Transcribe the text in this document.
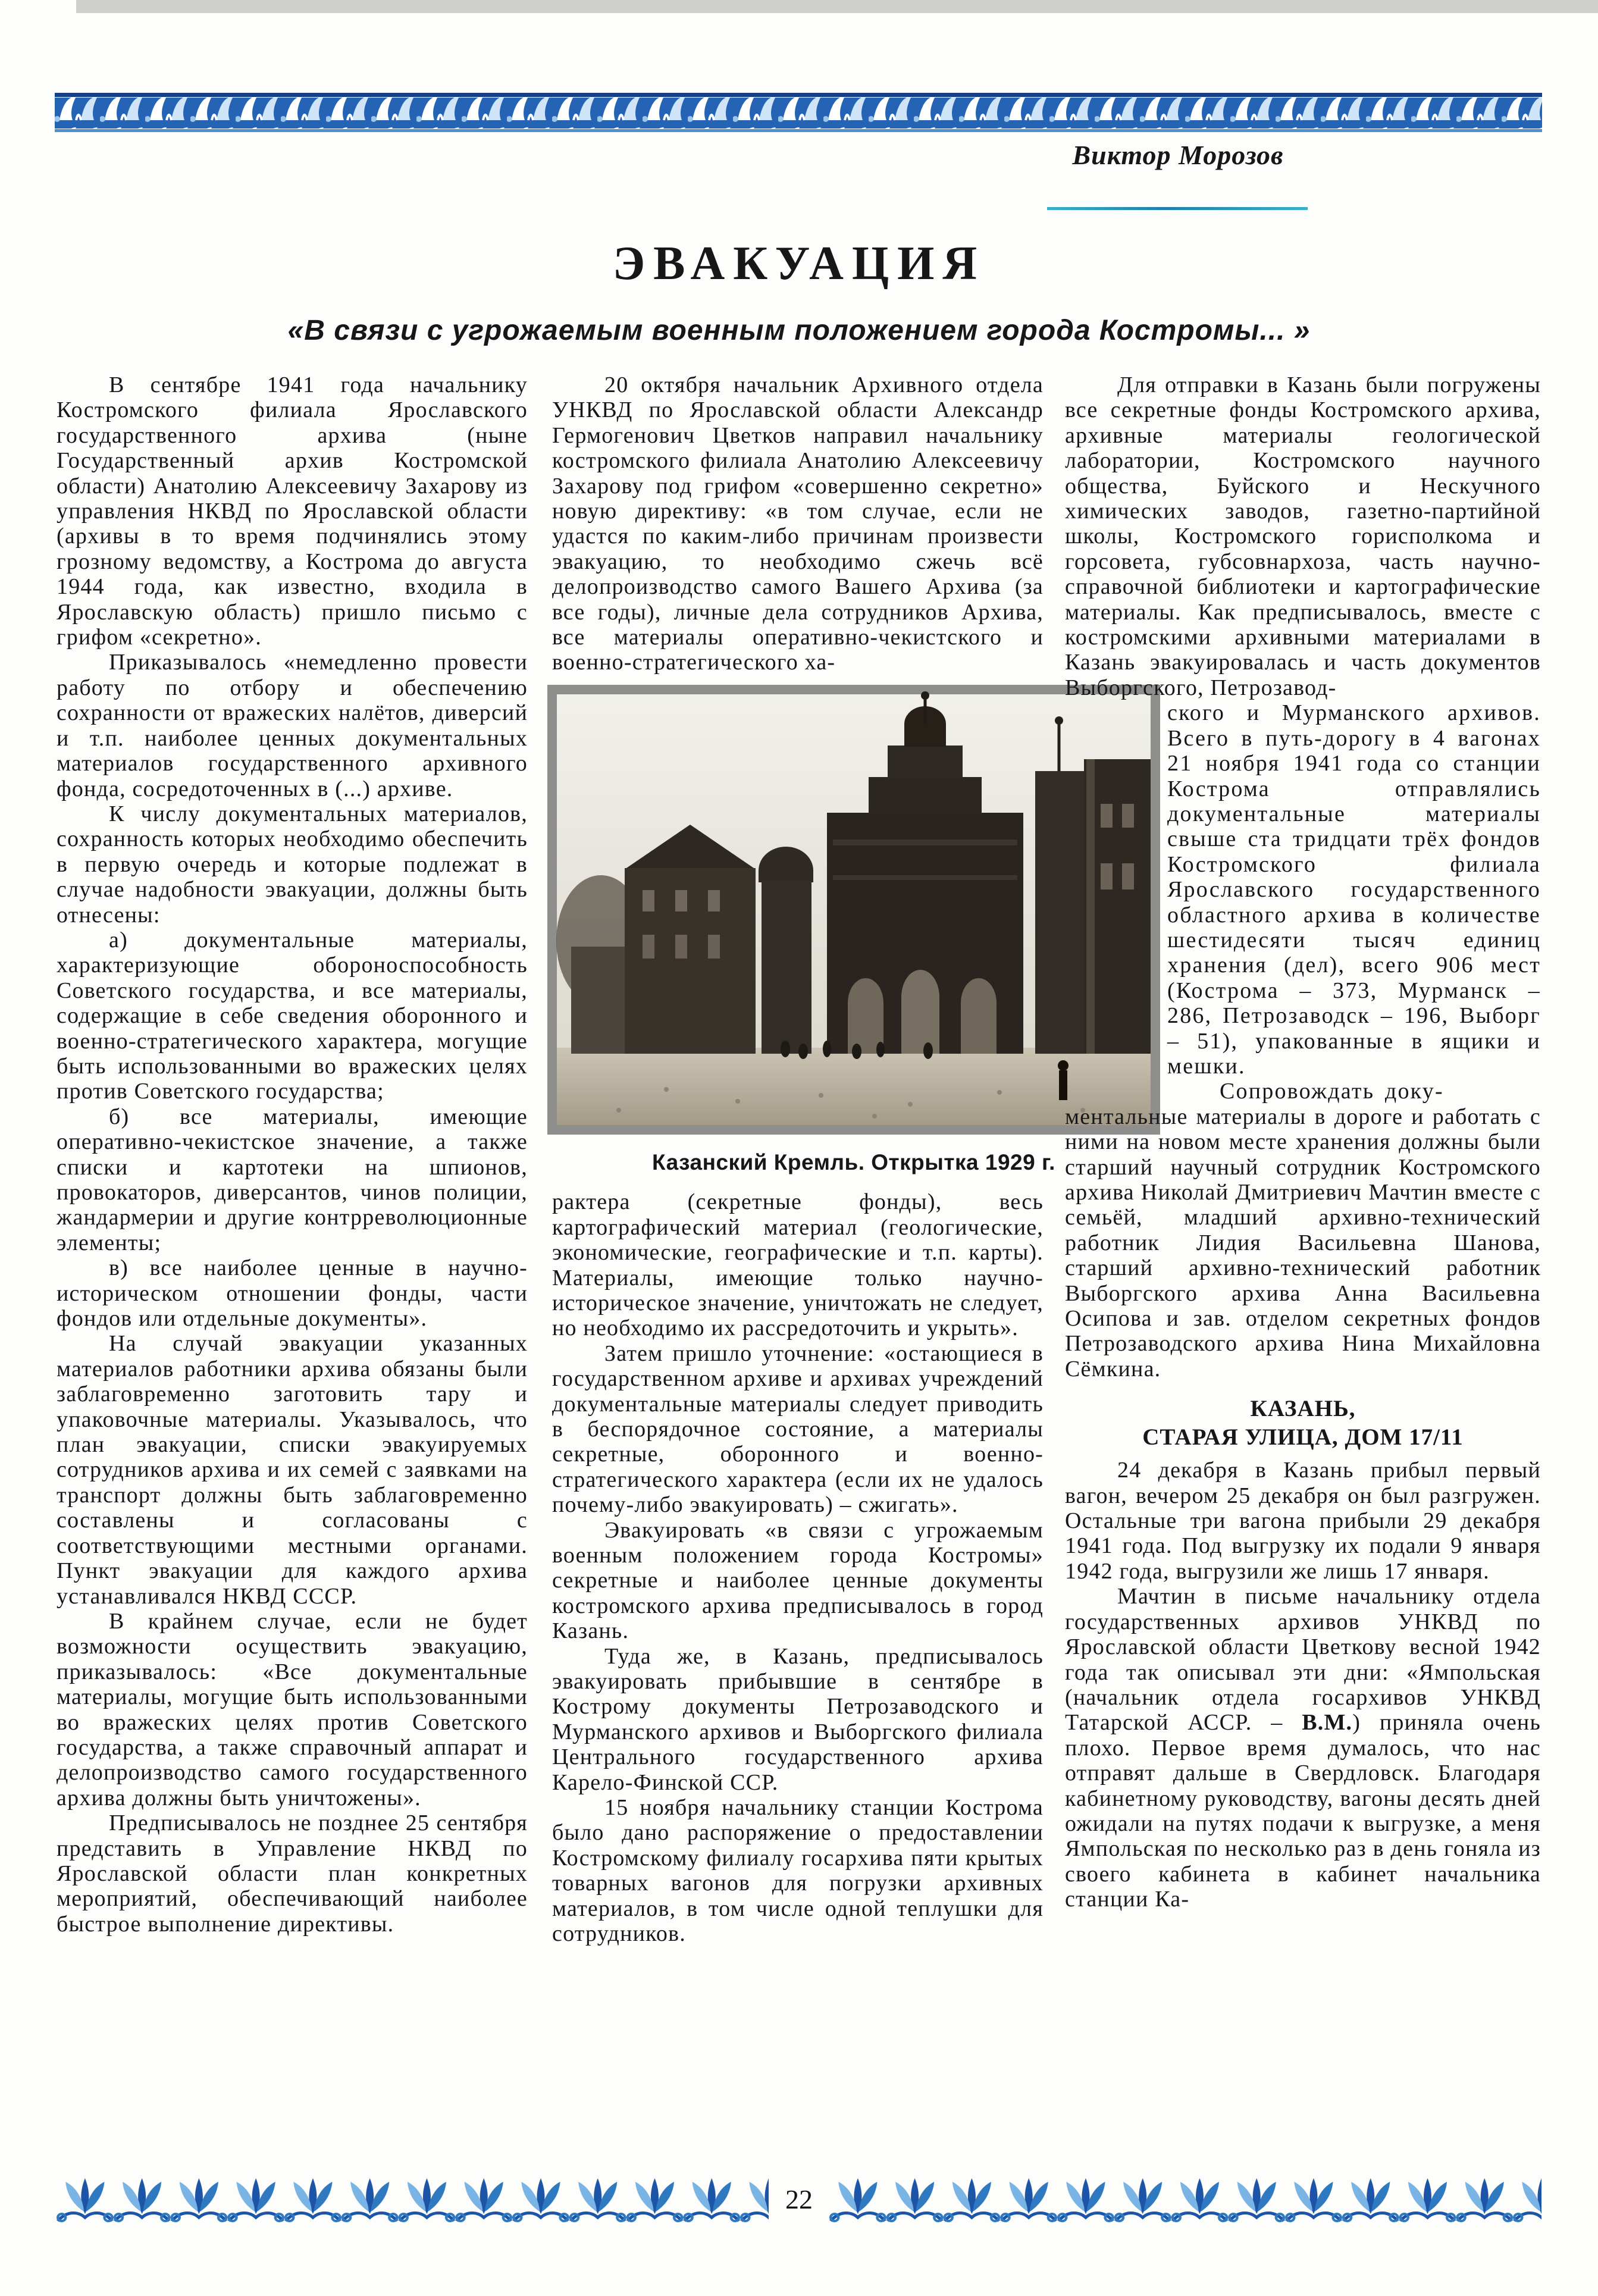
Виктор Морозов
ЭВАКУАЦИЯ
«В связи с угрожаемым военным положением города Костромы... »

В сентябре 1941 года начальнику Костромского филиала Ярославского государственного архива (ныне Государственный архив Костромской области) Анатолию Алексеевичу Захарову из управления НКВД по Ярославской области (архивы в то время подчинялись этому грозному ведомству, а Кострома до августа 1944 года, как известно, входила в Ярославскую область) пришло письмо с грифом «секретно».

Приказывалось «немедленно провести работу по отбору и обеспечению сохранности от вражеских налётов, диверсий и т.п. наиболее ценных документальных материалов государственного архивного фонда, сосредоточенных в (...) архиве.

К числу документальных материалов, сохранность которых необходимо обеспечить в первую очередь и которые подлежат в случае надобности эвакуации, должны быть отнесены:

а) документальные материалы, характеризующие обороноспособность Советского государства, и все материалы, содержащие в себе сведения оборонного и военно-стратегического характера, могущие быть использованными во вражеских целях против Советского государства;

б) все материалы, имеющие оперативно-чекистское значение, а также списки и картотеки на шпионов, провокаторов, диверсантов, чинов полиции, жандармерии и другие контрреволюционные элементы;

в) все наиболее ценные в научно-историческом отношении фонды, части фондов или отдельные документы».

На случай эвакуации указанных материалов работники архива обязаны были заблаговременно заготовить тару и упаковочные материалы. Указывалось, что план эвакуации, списки эвакуируемых сотрудников архива и их семей с заявками на транспорт должны быть заблаговременно составлены и согласованы с соответствующими местными органами. Пункт эвакуации для каждого архива устанавливался НКВД СССР.

В крайнем случае, если не будет возможности осуществить эвакуацию, приказывалось: «Все документальные материалы, могущие быть использованными во вражеских целях против Советского государства, а также справочный аппарат и делопроизводство самого государственного архива должны быть уничтожены».

Предписывалось не позднее 25 сентября представить в Управление НКВД по Ярославской области план конкретных мероприятий, обеспечивающий наиболее быстрое выполнение директивы.

20 октября начальник Архивного отдела УНКВД по Ярославской области Александр Гермогенович Цветков направил начальнику костромского филиала Анатолию Алексеевичу Захарову под грифом «совершенно секретно» новую директиву: «в том случае, если не удастся по каким-либо причинам произвести эвакуацию, то необходимо сжечь всё делопроизводство самого Вашего Архива (за все годы), личные дела сотрудников Архива, все материалы оперативно-чекистского и военно-стратегического ха-

Казанский Кремль. Открытка 1929 г.

рактера (секретные фонды), весь картографический материал (геологические, экономические, географические и т.п. карты). Материалы, имеющие только научно-историческое значение, уничтожать не следует, но необходимо их рассредоточить и укрыть».

Затем пришло уточнение: «остающиеся в государственном архиве и архивах учреждений документальные материалы следует приводить в беспорядочное состояние, а материалы секретные, оборонного и военно-стратегического характера (если их не удалось почему-либо эвакуировать) – сжигать».

Эвакуировать «в связи с угрожаемым военным положением города Костромы» секретные и наиболее ценные документы костромского архива предписывалось в город Казань.

Туда же, в Казань, предписывалось эвакуировать прибывшие в сентябре в Кострому документы Петрозаводского и Мурманского архивов и Выборгского филиала Центрального государственного архива Карело-Финской ССР.

15 ноября начальнику станции Кострома было дано распоряжение о предоставлении Костромскому филиалу госархива пяти крытых товарных вагонов для погрузки архивных материалов, в том числе одной теплушки для сотрудников.

Для отправки в Казань были погружены все секретные фонды Костромского архива, архивные материалы геологической лаборатории, Костромского научного общества, Буйского и Нескучного химических заводов, газетно-партийной школы, Костромского горисполкома и горсовета, губсовнархоза, часть научно-справочной библиотеки и картографические материалы. Как предписывалось, вместе с костромскими архивными материалами в Казань эвакуировалась и часть документов Выборгского, Петрозавод-

ского и Мурманского архивов. Всего в путь-дорогу в 4 вагонах 21 ноября 1941 года со станции Кострома отправлялись документальные материалы свыше ста тридцати трёх фондов Костромского филиала Ярославского государственного областного архива в количестве шестидесяти тысяч единиц хранения (дел), всего 906 мест (Кострома – 373, Мурманск – 286, Петрозаводск – 196, Выборг – 51), упакованные в ящики и мешки.

Сопровождать доку-

ментальные материалы в дороге и работать с ними на новом месте хранения должны были старший научный сотрудник Костромского архива Николай Дмитриевич Мачтин вместе с семьёй, младший архивно-технический работник Лидия Васильевна Шанова, старший архивно-технический работник Выборгского архива Анна Васильевна Осипова и зав. отделом секретных фондов Петрозаводского архива Нина Михайловна Сёмкина.

КАЗАНЬ,
СТАРАЯ УЛИЦА, ДОМ 17/11

24 декабря в Казань прибыл первый вагон, вечером 25 декабря он был разгружен. Остальные три вагона прибыли 29 декабря 1941 года. Под выгрузку их подали 9 января 1942 года, выгрузили же лишь 17 января.

Мачтин в письме начальнику отдела государственных архивов УНКВД по Ярославской области Цветкову весной 1942 года так описывал эти дни: «Ямпольская (начальник отдела госархивов УНКВД Татарской АССР. – В.М.) приняла очень плохо. Первое время думалось, что нас отправят дальше в Свердловск. Благодаря кабинетному руководству, вагоны десять дней ожидали на путях подачи к выгрузке, а меня Ямпольская по несколько раз в день гоняла из своего кабинета в кабинет начальника станции Ка-

22
